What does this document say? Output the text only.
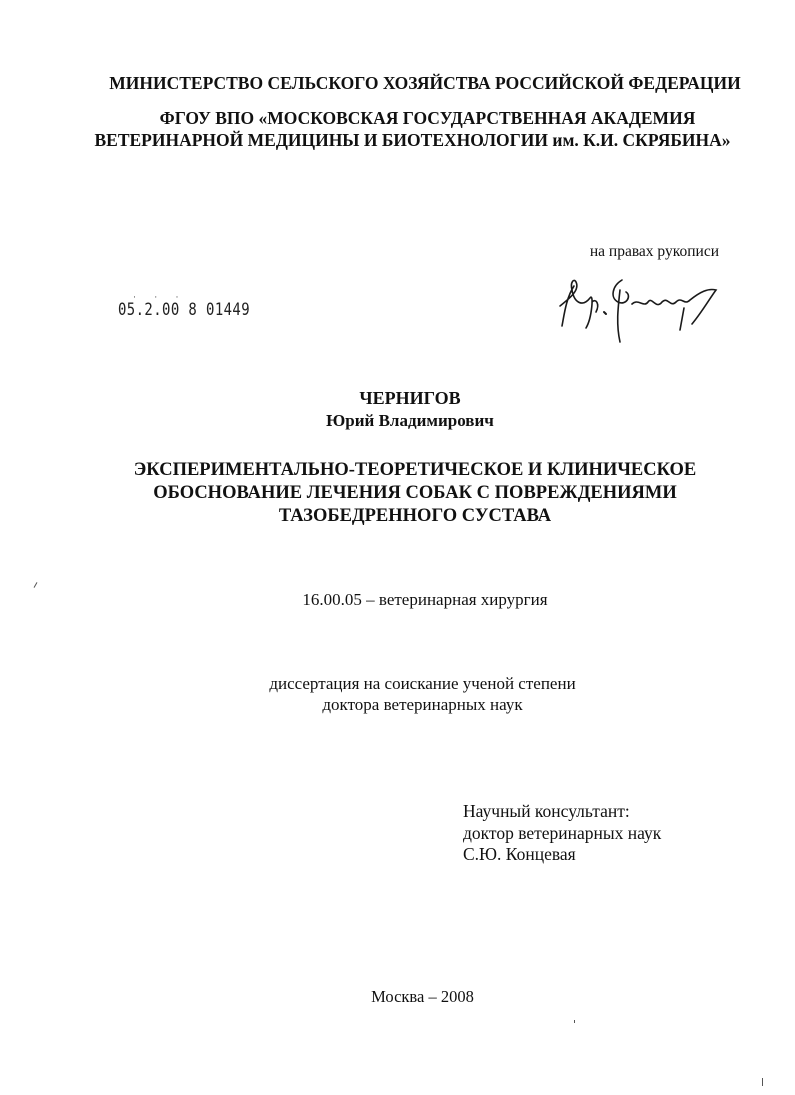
МИНИСТЕРСТВО СЕЛЬСКОГО ХОЗЯЙСТВА РОССИЙСКОЙ ФЕДЕРАЦИИ
ФГОУ ВПО «МОСКОВСКАЯ ГОСУДАРСТВЕННАЯ АКАДЕМИЯ
ВЕТЕРИНАРНОЙ МЕДИЦИНЫ И БИОТЕХНОЛОГИИ им. К.И. СКРЯБИНА»
на правах рукописи
· · ·
05.2.00 8 01449
ЧЕРНИГОВ
Юрий Владимирович
ЭКСПЕРИМЕНТАЛЬНО-ТЕОРЕТИЧЕСКОЕ И КЛИНИЧЕСКОЕ
ОБОСНОВАНИЕ ЛЕЧЕНИЯ СОБАК С ПОВРЕЖДЕНИЯМИ
ТАЗОБЕДРЕННОГО СУСТАВА
16.00.05 – ветеринарная хирургия
диссертация на соискание ученой степени
доктора ветеринарных наук
Научный консультант:
доктор ветеринарных наук
С.Ю. Концевая
Москва – 2008
